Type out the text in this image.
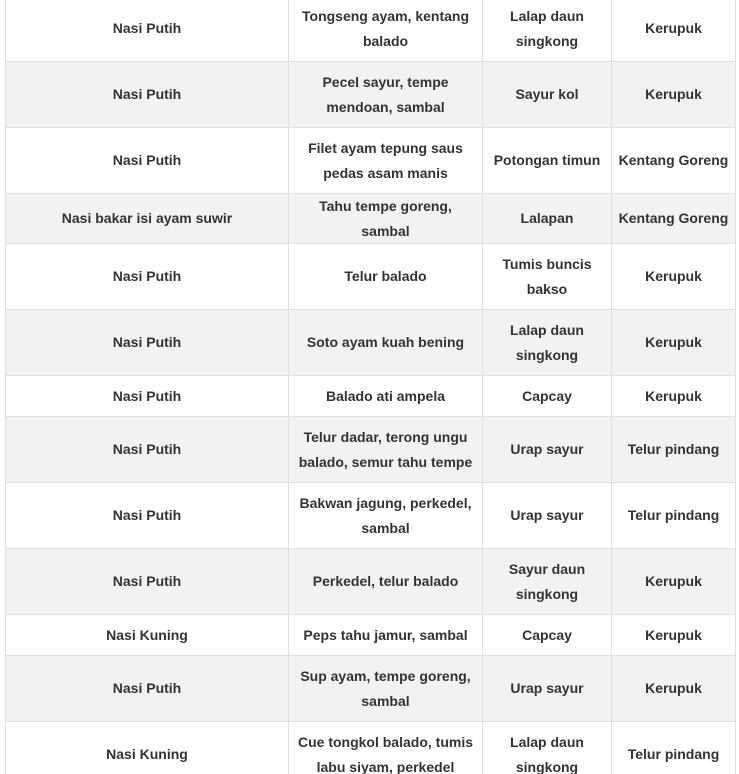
Nasi Putih	Tongseng ayam, kentang balado	Lalap daun singkong	Kerupuk
Nasi Putih	Pecel sayur, tempe mendoan, sambal	Sayur kol	Kerupuk
Nasi Putih	Filet ayam tepung saus pedas asam manis	Potongan timun	Kentang Goreng
Nasi bakar isi ayam suwir	Tahu tempe goreng, sambal	Lalapan	Kentang Goreng
Nasi Putih	Telur balado	Tumis buncis bakso	Kerupuk
Nasi Putih	Soto ayam kuah bening	Lalap daun singkong	Kerupuk
Nasi Putih	Balado ati ampela	Capcay	Kerupuk
Nasi Putih	Telur dadar, terong ungu balado, semur tahu tempe	Urap sayur	Telur pindang
Nasi Putih	Bakwan jagung, perkedel, sambal	Urap sayur	Telur pindang
Nasi Putih	Perkedel, telur balado	Sayur daun singkong	Kerupuk
Nasi Kuning	Peps tahu jamur, sambal	Capcay	Kerupuk
Nasi Putih	Sup ayam, tempe goreng, sambal	Urap sayur	Kerupuk
Nasi Kuning	Cue tongkol balado, tumis labu siyam, perkedel	Lalap daun singkong	Telur pindang
